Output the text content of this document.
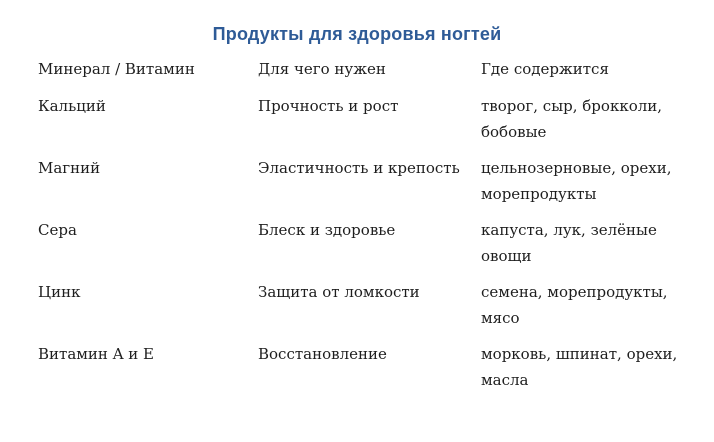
Продукты для здоровья ногтей
Минерал / Витамин	Для чего нужен	Где содержится
Кальций	Прочность и рост	творог, сыр, брокколи, бобовые
Магний	Эластичность и крепость	цельнозерновые, орехи, морепродукты
Сера	Блеск и здоровье	капуста, лук, зелёные овощи
Цинк	Защита от ломкости	семена, морепродукты, мясо
Витамин A и E	Восстановление	морковь, шпинат, орехи, масла
